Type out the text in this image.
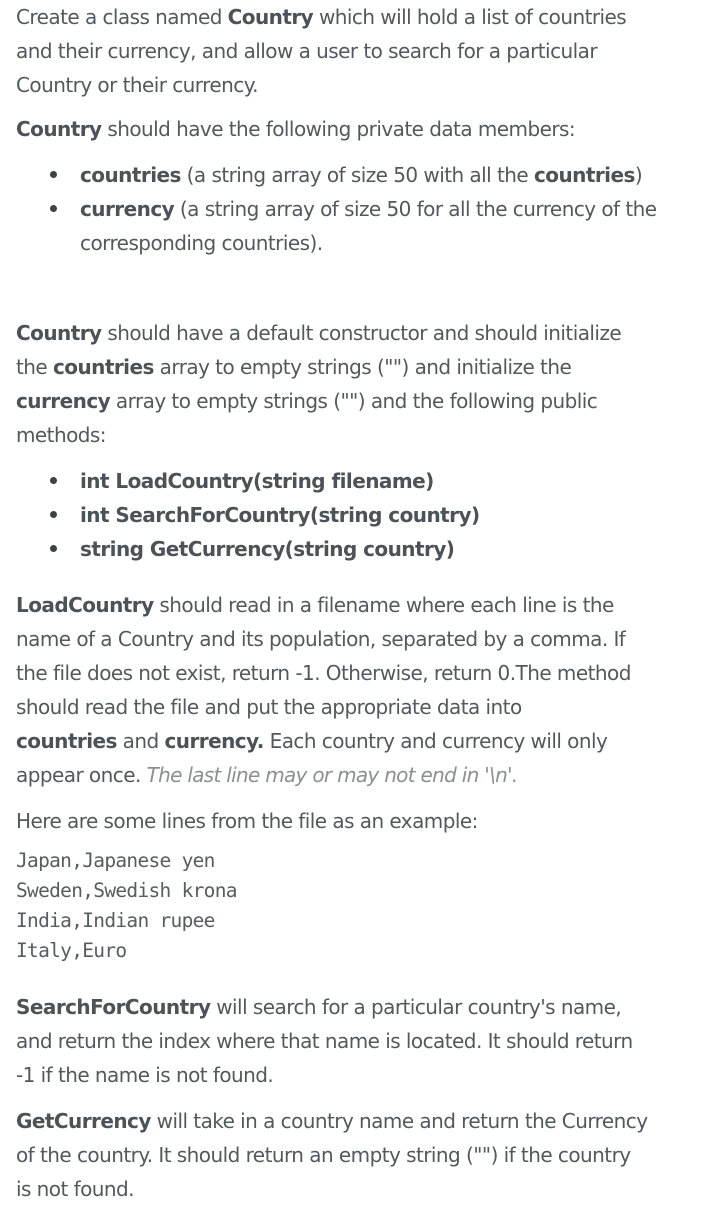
Create a class named Country which will hold a list of countries
and their currency, and allow a user to search for a particular
Country or their currency.
Country should have the following private data members:
countries (a string array of size 50 with all the countries)
currency (a string array of size 50 for all the currency of the
corresponding countries).
Country should have a default constructor and should initialize
the countries array to empty strings ("") and initialize the
currency array to empty strings ("") and the following public
methods:
int LoadCountry(string filename)
int SearchForCountry(string country)
string GetCurrency(string country)
LoadCountry should read in a filename where each line is the
name of a Country and its population, separated by a comma. If
the file does not exist, return -1. Otherwise, return 0.The method
should read the file and put the appropriate data into
countries and currency. Each country and currency will only
appear once. The last line may or may not end in '\n'.
Here are some lines from the file as an example:
Japan,Japanese yen
Sweden,Swedish krona
India,Indian rupee
Italy,Euro
SearchForCountry will search for a particular country's name,
and return the index where that name is located. It should return
-1 if the name is not found.
GetCurrency will take in a country name and return the Currency
of the country. It should return an empty string ("") if the country
is not found.
